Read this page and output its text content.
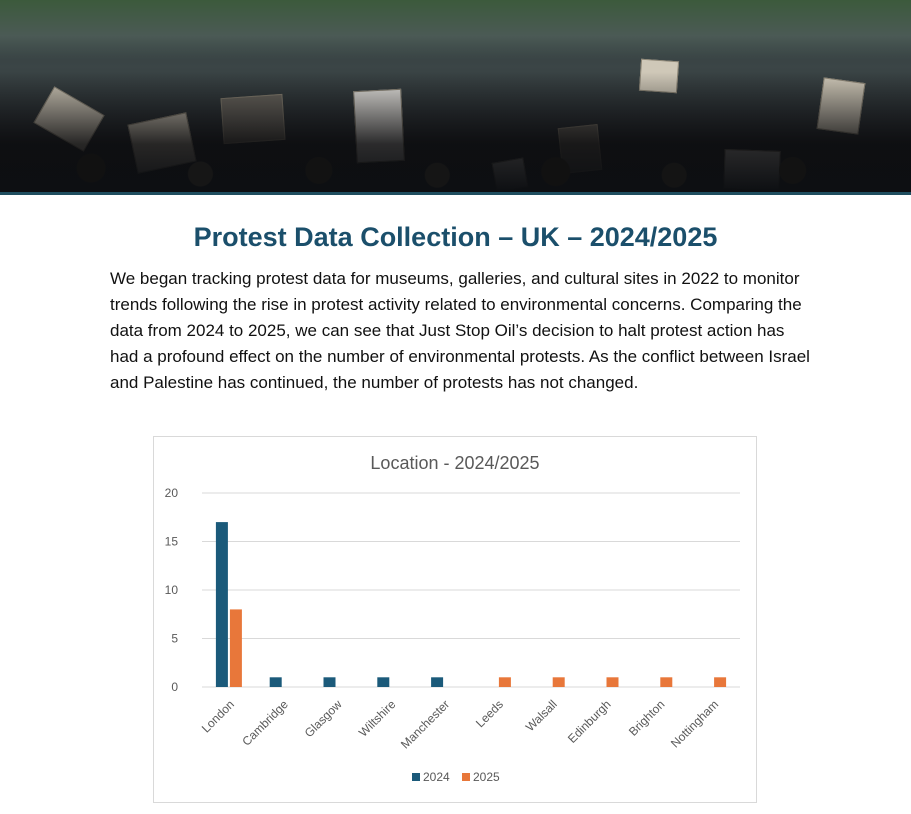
Protest Data Collection – UK – 2024/2025

We began tracking protest data for museums, galleries, and cultural sites in 2022 to monitor trends following the rise in protest activity related to environmental concerns. Comparing the data from 2024 to 2025, we can see that Just Stop Oil’s decision to halt protest action has had a profound effect on the number of environmental protests. As the conflict between Israel and Palestine has continued, the number of protests has not changed.

Location - 2024/2025
0
5
10
15
20
London Cambridge Glasgow Wiltshire Manchester Leeds Walsall Edinburgh Brighton Nottingham
2024 2025
